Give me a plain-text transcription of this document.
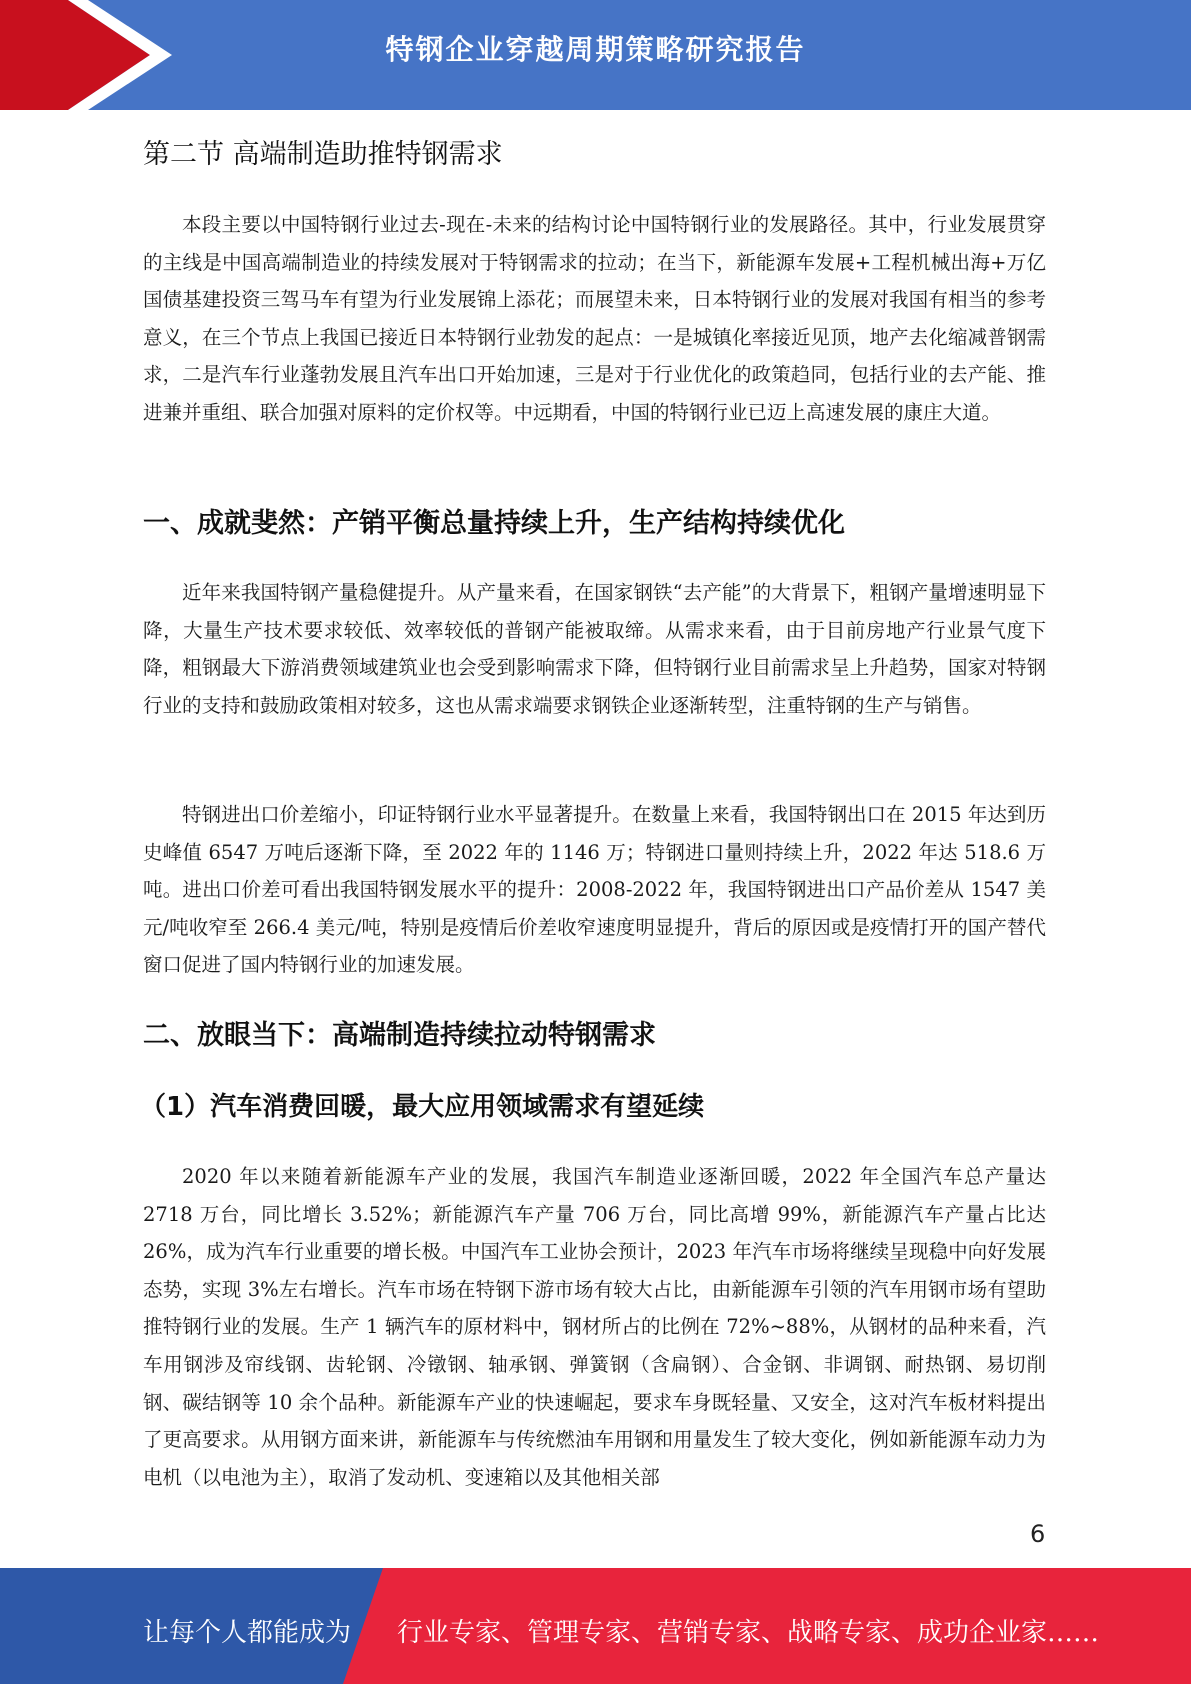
特钢企业穿越周期策略研究报告
第二节 高端制造助推特钢需求

本段主要以中国特钢行业过去-现在-未来的结构讨论中国特钢行业的发展路径。其中，行业发展贯穿的主线是中国高端制造业的持续发展对于特钢需求的拉动；在当下，新能源车发展+工程机械出海+万亿国债基建投资三驾马车有望为行业发展锦上添花；而展望未来，日本特钢行业的发展对我国有相当的参考意义，在三个节点上我国已接近日本特钢行业勃发的起点：一是城镇化率接近见顶，地产去化缩减普钢需求，二是汽车行业蓬勃发展且汽车出口开始加速，三是对于行业优化的政策趋同，包括行业的去产能、推进兼并重组、联合加强对原料的定价权等。中远期看，中国的特钢行业已迈上高速发展的康庄大道。

一、成就斐然：产销平衡总量持续上升，生产结构持续优化

近年来我国特钢产量稳健提升。从产量来看，在国家钢铁“去产能”的大背景下，粗钢产量增速明显下降，大量生产技术要求较低、效率较低的普钢产能被取缔。从需求来看，由于目前房地产行业景气度下降，粗钢最大下游消费领域建筑业也会受到影响需求下降，但特钢行业目前需求呈上升趋势，国家对特钢行业的支持和鼓励政策相对较多，这也从需求端要求钢铁企业逐渐转型，注重特钢的生产与销售。

特钢进出口价差缩小，印证特钢行业水平显著提升。在数量上来看，我国特钢出口在 2015 年达到历史峰值 6547 万吨后逐渐下降，至 2022 年的 1146 万；特钢进口量则持续上升，2022 年达 518.6 万吨。进出口价差可看出我国特钢发展水平的提升：2008-2022 年，我国特钢进出口产品价差从 1547 美元/吨收窄至 266.4 美元/吨，特别是疫情后价差收窄速度明显提升，背后的原因或是疫情打开的国产替代窗口促进了国内特钢行业的加速发展。

二、放眼当下：高端制造持续拉动特钢需求
（1）汽车消费回暖，最大应用领域需求有望延续

2020 年以来随着新能源车产业的发展，我国汽车制造业逐渐回暖，2022 年全国汽车总产量达 2718 万台，同比增长 3.52%；新能源汽车产量 706 万台，同比高增 99%，新能源汽车产量占比达 26%，成为汽车行业重要的增长极。中国汽车工业协会预计，2023 年汽车市场将继续呈现稳中向好发展态势，实现 3%左右增长。汽车市场在特钢下游市场有较大占比，由新能源车引领的汽车用钢市场有望助推特钢行业的发展。生产 1 辆汽车的原材料中，钢材所占的比例在 72%~88%，从钢材的品种来看，汽车用钢涉及帘线钢、齿轮钢、冷镦钢、轴承钢、弹簧钢（含扁钢）、合金钢、非调钢、耐热钢、易切削钢、碳结钢等 10 余个品种。新能源车产业的快速崛起，要求车身既轻量、又安全，这对汽车板材料提出了更高要求。从用钢方面来讲，新能源车与传统燃油车用钢和用量发生了较大变化，例如新能源车动力为电机（以电池为主），取消了发动机、变速箱以及其他相关部

6
让每个人都能成为 行业专家、管理专家、营销专家、战略专家、成功企业家……
